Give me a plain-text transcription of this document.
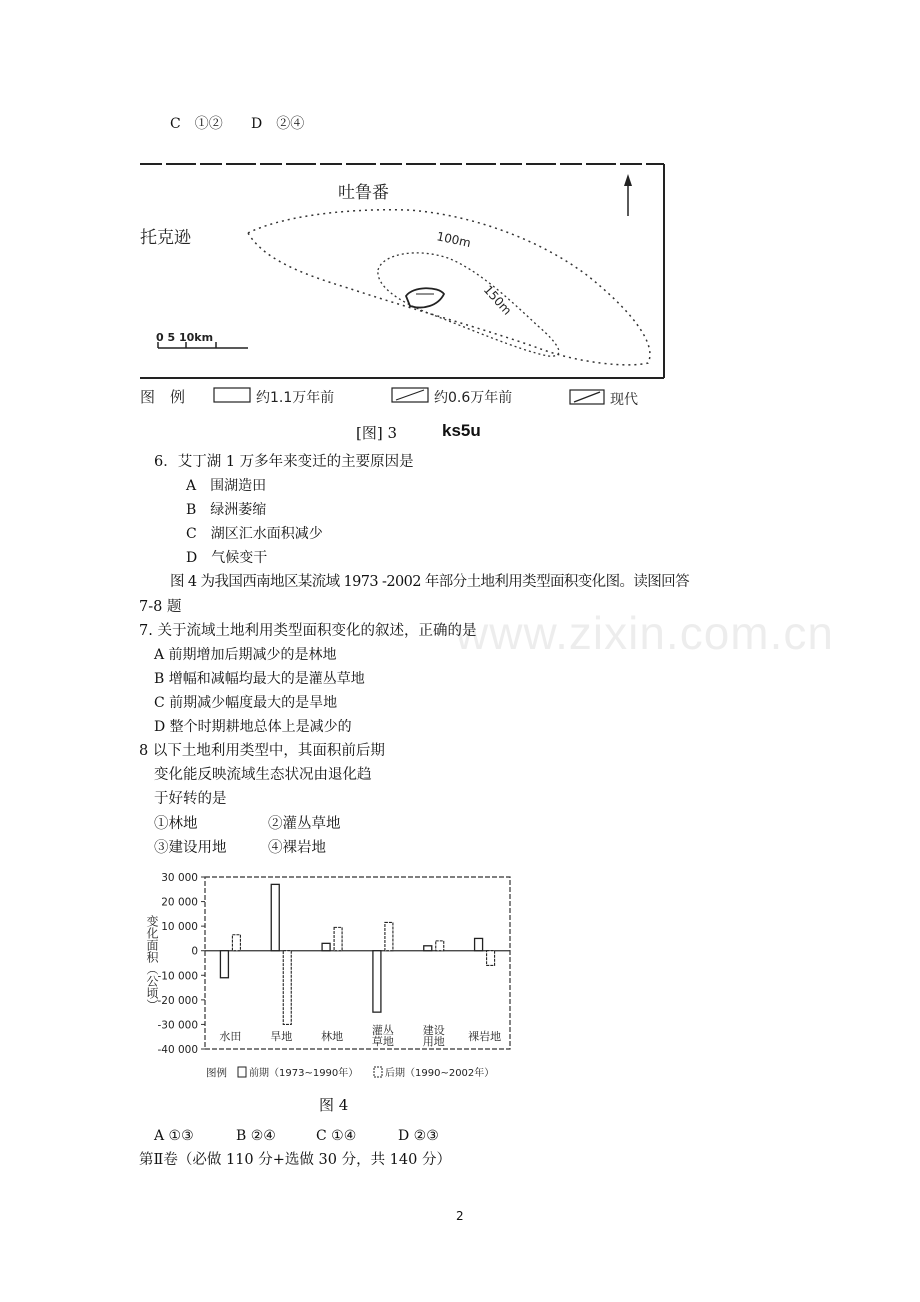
C　①② D　②④
吐鲁番
托克逊	100m
150m
0 5 10km
图　例	约1.1万年前	约0.6万年前	现代
[图] 3	ks5u
6．艾丁湖 1 万多年来变迁的主要原因是
A　围湖造田
B　绿洲萎缩
C　湖区汇水面积减少
D　气候变干
图 4 为我国西南地区某流域 1973 -2002 年部分土地利用类型面积变化图。读图回答
7-8 题	www.zixin.com.cn
7. 关于流域土地利用类型面积变化的叙述，正确的是
A 前期增加后期减少的是林地
B 增幅和减幅均最大的是灌丛草地
C 前期减少幅度最大的是旱地
D 整个时期耕地总体上是减少的
8 以下土地利用类型中，其面积前后期
变化能反映流域生态状况由退化趋
于好转的是
①林地	②灌丛草地
③建设用地	④裸岩地
30 000
20 000
10 000
0
-10 000
-20 000
-30 000
-40 000
变化面积（公顷）
水田	旱地	林地	灌丛
草地
建设
用地 裸岩地
图例 前期（1973~1990年）	后期（1990~2002年）
图 4
A ①③	B ②④	C ①④	D ②③
第Ⅱ卷（必做 110 分+选做 30 分，共 140 分）
2
